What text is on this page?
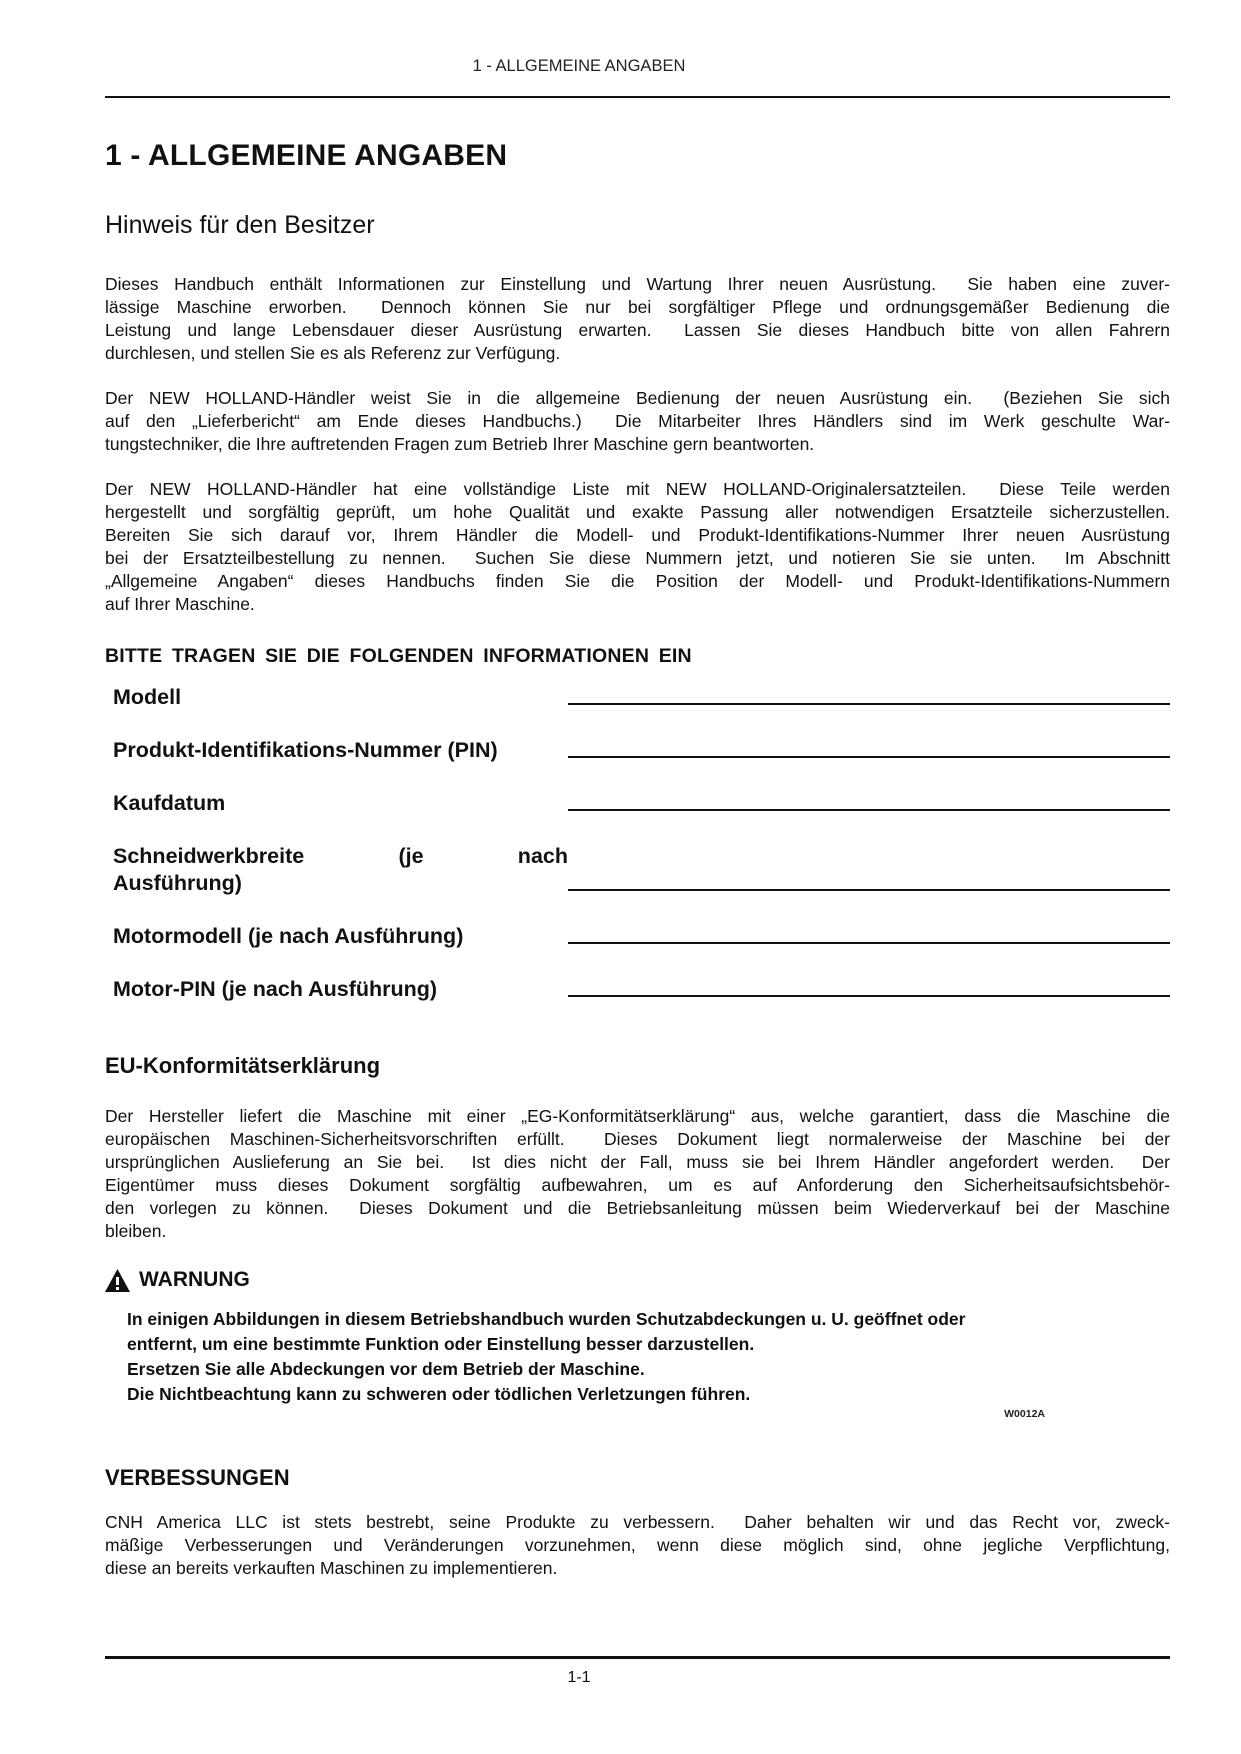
1 - ALLGEMEINE ANGABEN
1 - ALLGEMEINE ANGABEN
Hinweis für den Besitzer
Dieses Handbuch enthält Informationen zur Einstellung und Wartung Ihrer neuen Ausrüstung.  Sie haben eine zuver-
lässige Maschine erworben.  Dennoch können Sie nur bei sorgfältiger Pflege und ordnungsgemäßer Bedienung die
Leistung und lange Lebensdauer dieser Ausrüstung erwarten.  Lassen Sie dieses Handbuch bitte von allen Fahrern
durchlesen, und stellen Sie es als Referenz zur Verfügung.
Der NEW HOLLAND-Händler weist Sie in die allgemeine Bedienung der neuen Ausrüstung ein.  (Beziehen Sie sich
auf den „Lieferbericht“ am Ende dieses Handbuchs.)  Die Mitarbeiter Ihres Händlers sind im Werk geschulte War-
tungstechniker, die Ihre auftretenden Fragen zum Betrieb Ihrer Maschine gern beantworten.
Der NEW HOLLAND-Händler hat eine vollständige Liste mit NEW HOLLAND-Originalersatzteilen.  Diese Teile werden
hergestellt und sorgfältig geprüft, um hohe Qualität und exakte Passung aller notwendigen Ersatzteile sicherzustellen.
Bereiten Sie sich darauf vor, Ihrem Händler die Modell- und Produkt-Identifikations-Nummer Ihrer neuen Ausrüstung
bei der Ersatzteilbestellung zu nennen.  Suchen Sie diese Nummern jetzt, und notieren Sie sie unten.  Im Abschnitt
„Allgemeine Angaben“ dieses Handbuchs finden Sie die Position der Modell- und Produkt-Identifikations-Nummern
auf Ihrer Maschine.
BITTE TRAGEN SIE DIE FOLGENDEN INFORMATIONEN EIN
Modell
Produkt-Identifikations-Nummer (PIN)
Kaufdatum
Schneidwerkbreite (je nach
Ausführung)
Motormodell (je nach Ausführung)
Motor-PIN (je nach Ausführung)
EU-Konformitätserklärung
Der Hersteller liefert die Maschine mit einer „EG-Konformitätserklärung“ aus, welche garantiert, dass die Maschine die
europäischen Maschinen-Sicherheitsvorschriften erfüllt.  Dieses Dokument liegt normalerweise der Maschine bei der
ursprünglichen Auslieferung an Sie bei.  Ist dies nicht der Fall, muss sie bei Ihrem Händler angefordert werden.  Der
Eigentümer muss dieses Dokument sorgfältig aufbewahren, um es auf Anforderung den Sicherheitsaufsichtsbehör-
den vorlegen zu können.  Dieses Dokument und die Betriebsanleitung müssen beim Wiederverkauf bei der Maschine
bleiben.
WARNUNG
In einigen Abbildungen in diesem Betriebshandbuch wurden Schutzabdeckungen u. U. geöffnet oder
entfernt, um eine bestimmte Funktion oder Einstellung besser darzustellen.
Ersetzen Sie alle Abdeckungen vor dem Betrieb der Maschine.
Die Nichtbeachtung kann zu schweren oder tödlichen Verletzungen führen.
W0012A
VERBESSUNGEN
CNH America LLC ist stets bestrebt, seine Produkte zu verbessern.  Daher behalten wir und das Recht vor, zweck-
mäßige Verbesserungen und Veränderungen vorzunehmen, wenn diese möglich sind, ohne jegliche Verpflichtung,
diese an bereits verkauften Maschinen zu implementieren.
1-1
